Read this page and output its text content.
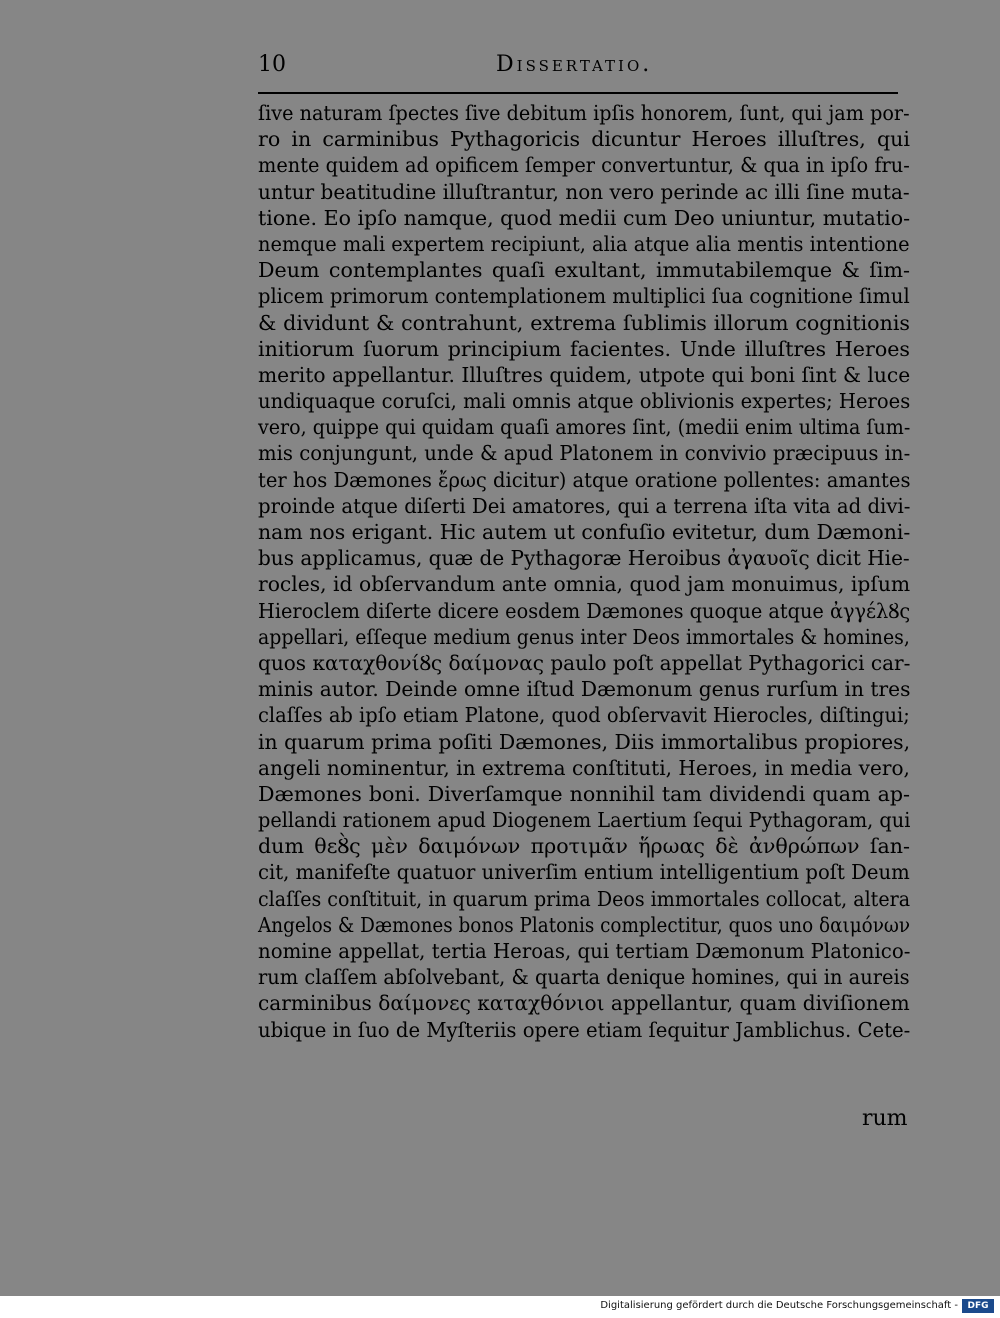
10	Dissertatio.
ſive naturam ſpectes ſive debitum ipſis honorem, ſunt, qui jam por-
ro in carminibus Pythagoricis dicuntur Heroes illuſtres, qui
mente quidem ad opificem ſemper convertuntur, & qua in ipſo fru-
untur beatitudine illuſtrantur, non vero perinde ac illi ſine muta-
tione. Eo ipſo namque, quod medii cum Deo uniuntur, mutatio-
nemque mali expertem recipiunt, alia atque alia mentis intentione
Deum contemplantes quaſi exultant, immutabilemque & ſim-
plicem primorum contemplationem multiplici ſua cognitione ſimul
& dividunt & contrahunt, extrema ſublimis illorum cognitionis
initiorum ſuorum principium facientes. Unde illuſtres Heroes
merito appellantur. Illuſtres quidem, utpote qui boni ſint & luce
undiquaque coruſci, mali omnis atque oblivionis expertes; Heroes
vero, quippe qui quidam quaſi amores ſint, (medii enim ultima ſum-
mis conjungunt, unde & apud Platonem in convivio præcipuus in-
ter hos Dæmones ἔρως dicitur) atque oratione pollentes: amantes
proinde atque diſerti Dei amatores, qui a terrena iſta vita ad divi-
nam nos erigant. Hic autem ut confuſio evitetur, dum Dæmoni-
bus applicamus, quæ de Pythagoræ Heroibus ἀγαυοῖς dicit Hie-
rocles, id obſervandum ante omnia, quod jam monuimus, ipſum
Hieroclem diſerte dicere eosdem Dæmones quoque atque ἀγγέλȢς
appellari, eſſeque medium genus inter Deos immortales & homines,
quos καταχθονίȢς δαίμονας paulo poſt appellat Pythagorici car-
minis autor. Deinde omne iſtud Dæmonum genus rurſum in tres
claſſes ab ipſo etiam Platone, quod obſervavit Hierocles, diſtingui;
in quarum prima poſiti Dæmones, Diis immortalibus propiores,
angeli nominentur, in extrema conſtituti, Heroes, in media vero,
Dæmones boni. Diverſamque nonnihil tam dividendi quam ap-
pellandi rationem apud Diogenem Laertium ſequi Pythagoram, qui
dum θεȢ̀ς μὲν δαιμόνων προτιμᾶν ἥρωας δὲ ἀνθρώπων ſan-
cit, manifeſte quatuor univerſim entium intelligentium poſt Deum
claſſes conſtituit, in quarum prima Deos immortales collocat, altera
Angelos & Dæmones bonos Platonis complectitur, quos uno δαιμόνων
nomine appellat, tertia Heroas, qui tertiam Dæmonum Platonico-
rum claſſem abſolvebant, & quarta denique homines, qui in aureis
carminibus δαίμονες καταχθόνιοι appellantur, quam diviſionem
ubique in ſuo de Myſteriis opere etiam ſequitur Jamblichus. Cete-
rum
Digitalisierung gefördert durch die Deutsche Forschungsgemeinschaft -	DFG
